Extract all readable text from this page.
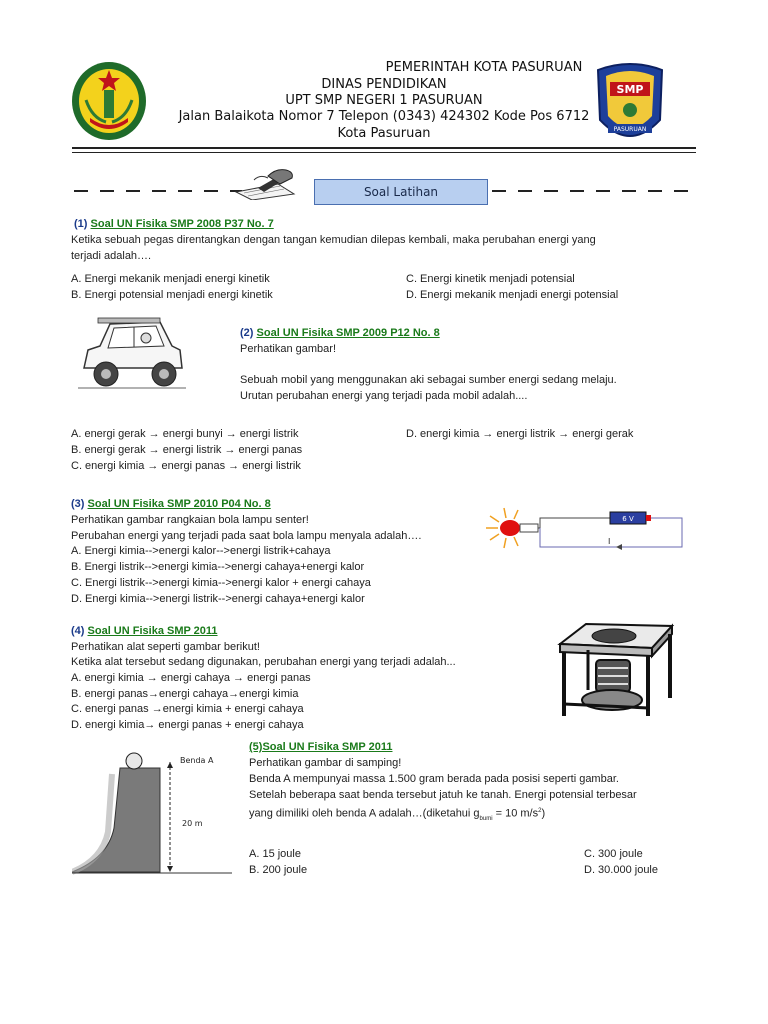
PEMERINTAH KOTA PASURUAN
DINAS PENDIDIKAN
UPT SMP NEGERI 1 PASURUAN
Jalan Balaikota Nomor 7 Telepon (0343) 424302 Kode Pos 6712
Kota Pasuruan
SMP
PASURUAN
Soal Latihan
(1) Soal UN Fisika SMP 2008 P37 No. 7
Ketika sebuah pegas direntangkan dengan tangan kemudian dilepas kembali, maka perubahan energi yang
terjadi adalah….
A. Energi mekanik menjadi energi kinetik
B. Energi potensial menjadi energi kinetik
C. Energi kinetik menjadi potensial
D. Energi mekanik menjadi energi potensial
(2) Soal UN Fisika SMP 2009 P12 No. 8
Perhatikan gambar!
Sebuah mobil yang menggunakan aki sebagai sumber energi sedang melaju.
Urutan perubahan energi yang terjadi pada mobil adalah....
A. energi gerak → energi bunyi → energi listrik
B. energi gerak → energi listrik → energi panas
C. energi kimia → energi panas → energi listrik
D. energi kimia → energi listrik → energi gerak
(3) Soal UN Fisika SMP 2010 P04 No. 8
Perhatikan gambar rangkaian bola lampu senter!
Perubahan energi yang terjadi pada saat bola lampu menyala adalah….
A. Energi kimia-->energi kalor-->energi listrik+cahaya
B. Energi listrik-->energi kimia-->energi cahaya+energi kalor
C. Energi listrik-->energi kimia-->energi kalor + energi cahaya
D. Energi kimia-->energi listrik-->energi cahaya+energi kalor
6 V
I
(4) Soal UN Fisika SMP 2011
Perhatikan alat seperti gambar berikut!
Ketika alat tersebut sedang digunakan, perubahan energi yang terjadi adalah...
A. energi kimia → energi cahaya → energi panas
B. energi panas→energi cahaya→energi kimia
C. energi panas →energi kimia + energi cahaya
D. energi kimia→ energi panas + energi cahaya
Benda A
20 m
(5)Soal UN Fisika SMP 2011
Perhatikan gambar di samping!
Benda A mempunyai massa 1.500 gram berada pada posisi seperti gambar.
Setelah beberapa saat benda tersebut jatuh ke tanah. Energi potensial terbesar
yang dimiliki oleh benda A adalah…(diketahui $g_{bumi} = 10$ $m/s^2$)
A. 15 joule
B. 200 joule
C. 300 joule
D. 30.000 joule
